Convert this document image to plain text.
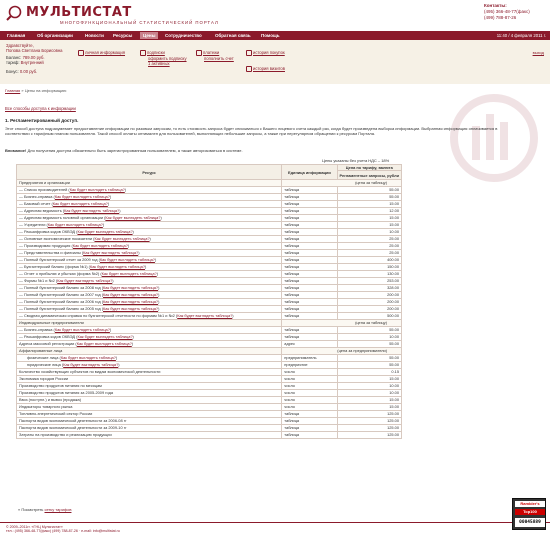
МУЛЬТИСТАТ
МНОГОФУНКЦИОНАЛЬНЫЙ СТАТИСТИЧЕСКИЙ ПОРТАЛ
Контакты:
(495) 366-48-77(факс)
(499) 788-87-26
Главная	Об организации	Новости	Ресурсы	Цены	Сотрудничество	Обратная связь	Помощь	11:40 / 4 февраля 2011 г.
Здравствуйте,
Попова Светлана Борисовна
Баланс: 789.00 руб.
тариф: Внутренний
Бонус: 0.00 руб.
личная информация	подписки
оформить подписку
1 активных
платежи
пополнить счет
история покупок
история визитов
выход
Главная » Цены на информацию
Все способы доступа к информации
1. Регламентированный доступ.
Этот способ доступа подразумевает предоставление информации по разовым запросам, то есть стоимость запроса будет списываться с Вашего лицевого счета каждый раз, когда будет произведена выборка информации. Выбранная информация оплачивается в соответствии с тарифным планом пользователя. Такой способ оплаты оптимален для пользователей, выполняющих небольшие запросы, а также при нерегулярном обращении к ресурсам Портала.
Внимание! Для получения доступа обязательно быть зарегистрированным пользователем, а также авторизоваться в системе.
Цены указаны без учета НДС – 18%
Ресурс	Единица информации	Цена по тарифу, валюта
		Регламентные запросы, рубли
Предприятия и организации	(цена за таблицу)	
— Список производителей (Как будет выглядеть таблица?)	таблица	55.00
— Бизнес-справка (Как будет выглядеть таблица?)	таблица	55.00
— Базовый отчет (Как будет выглядеть таблица?)	таблица	15.00
— Адресная ведомость (Как будет выглядеть таблица?)	таблица	12.00
— Адресная ведомость головной организации (Как будет выглядеть таблица?)	таблица	15.00
— Учредители (Как будет выглядеть таблица?)	таблица	15.00
— Расшифровка кодов ОКВЭД (Как будет выглядеть таблица?)	таблица	10.00
— Основные экономические показатели (Как будет выглядеть таблица?)	таблица	25.00
— Производимая продукция (Как будет выглядеть таблица?)	таблица	25.00
— Представительства и филиалы (Как будет выглядеть таблица?)	таблица	25.00
— Полный бухгалтерский отчет за 2009 год (Как будет выглядеть таблица?)	таблица	400.00
— Бухгалтерский баланс (форма №1) (Как будет выглядеть таблица?)	таблица	150.00
— Отчет о прибылях и убытках (форма №2) (Как будет выглядеть таблица?)	таблица	130.00
— Формы №1 и №2 (Как будет выглядеть таблица?)	таблица	253.00
— Полный бухгалтерский баланс за 2008 год (Как будет выглядеть таблица?)	таблица	328.00
— Полный бухгалтерский баланс за 2007 год (Как будет выглядеть таблица?)	таблица	200.00
— Полный бухгалтерский баланс за 2006 год (Как будет выглядеть таблица?)	таблица	200.00
— Полный бухгалтерский баланс за 2005 год (Как будет выглядеть таблица?)	таблица	200.00
— Сводная динамическая справка по бухгалтерской отчетности по формам №1 и №2 (Как будет выглядеть таблица?)	таблица	500.00
Индивидуальные предприниматели	(цена за таблицу)	
— Бизнес-справка (Как будет выглядеть таблица?)	таблица	55.00
— Расшифровка кодов ОКВЭД (Как будет выглядеть таблица?)	таблица	10.00
Адреса массовой регистрации (Как будет выглядеть таблица?)	адрес	55.00
Аффилированные лица	(цена за предприниматели)	
физические лица (Как будет выглядеть таблица?)	предприниматель	55.00
юридические лица (Как будет выглядеть таблица?)	предприятие	55.00
Количество хозяйствующих субъектов по видам экономической деятельности	число	0.15
Экономика городов России	число	15.00
Производство продуктов питания по месяцам	число	10.00
Производство продуктов питания за 2005-2009 года	число	10.00
Ввоз (поступл.) и вывоз (продажа)	число	15.00
Индикаторы товарного рынка	число	15.00
Топливно-энергетический сектор России	таблица	125.00
Паспорта видов экономической деятельности за 2006-08 гг	таблица	125.00
Паспорта видов экономической деятельности за 2009-10 гг	таблица	125.00
Затраты на производство и реализацию продукции	таблица	125.00
« Посмотреть сетку тарифов
© 2009–2011гг. «ГНЦ Мультистат»
тел.: (495) 366-48-77(факс) (499) 788-87-26 · e-mail: info@multistat.ru
Rambler's
Top100
00045889
